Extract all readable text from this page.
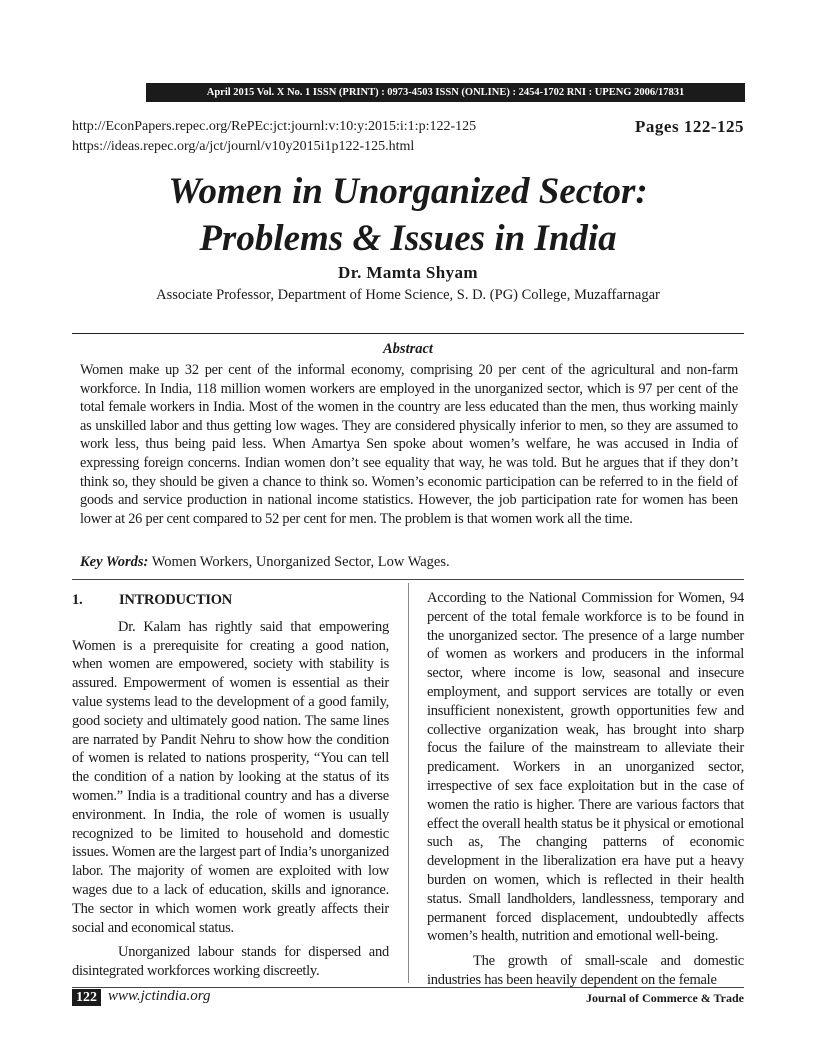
April 2015 Vol. X No. 1 ISSN (PRINT) : 0973-4503 ISSN (ONLINE) : 2454-1702 RNI : UPENG 2006/17831
http://EconPapers.repec.org/RePEc:jct:journl:v:10:y:2015:i:1:p:122-125
https://ideas.repec.org/a/jct/journl/v10y2015i1p122-125.html
Pages 122-125
Women in Unorganized Sector:
Problems & Issues in India
Dr. Mamta Shyam
Associate Professor, Department of Home Science, S. D. (PG) College, Muzaffarnagar
Abstract

Women make up 32 per cent of the informal economy, comprising 20 per cent of the agricultural and non-farm workforce. In India, 118 million women workers are employed in the unorganized sector, which is 97 per cent of the total female workers in India. Most of the women in the country are less educated than the men, thus working mainly as unskilled labor and thus getting low wages. They are considered physically inferior to men, so they are assumed to work less, thus being paid less. When Amartya Sen spoke about women’s welfare, he was accused in India of expressing foreign concerns. Indian women don’t see equality that way, he was told. But he argues that if they don’t think so, they should be given a chance to think so. Women’s economic participation can be referred to in the field of goods and service production in national income statistics. However, the job participation rate for women has been lower at 26 per cent compared to 52 per cent for men. The problem is that women work all the time.

Key Words: Women Workers, Unorganized Sector, Low Wages.

1.	INTRODUCTION

Dr. Kalam has rightly said that empowering Women is a prerequisite for creating a good nation, when women are empowered, society with stability is assured. Empowerment of women is essential as their value systems lead to the development of a good family, good society and ultimately good nation. The same lines are narrated by Pandit Nehru to show how the condition of women is related to nations prosperity, “You can tell the condition of a nation by looking at the status of its women.” India is a traditional country and has a diverse environment. In India, the role of women is usually recognized to be limited to household and domestic issues. Women are the largest part of India’s unorganized labor. The majority of women are exploited with low wages due to a lack of education, skills and ignorance. The sector in which women work greatly affects their social and economical status.

Unorganized labour stands for dispersed and disintegrated workforces working discreetly.

According to the National Commission for Women, 94 percent of the total female workforce is to be found in the unorganized sector. The presence of a large number of women as workers and producers in the informal sector, where income is low, seasonal and insecure employment, and support services are totally or even insufficient nonexistent, growth opportunities few and collective organization weak, has brought into sharp focus the failure of the mainstream to alleviate their predicament. Workers in an unorganized sector, irrespective of sex face exploitation but in the case of women the ratio is higher. There are various factors that effect the overall health status be it physical or emotional such as, The changing patterns of economic development in the liberalization era have put a heavy burden on women, which is reflected in their health status. Small landholders, landlessness, temporary and permanent forced displacement, undoubtedly affects women’s health, nutrition and emotional well-being.

The growth of small-scale and domestic industries has been heavily dependent on the female

122 www.jctindia.org	Journal of Commerce & Trade
